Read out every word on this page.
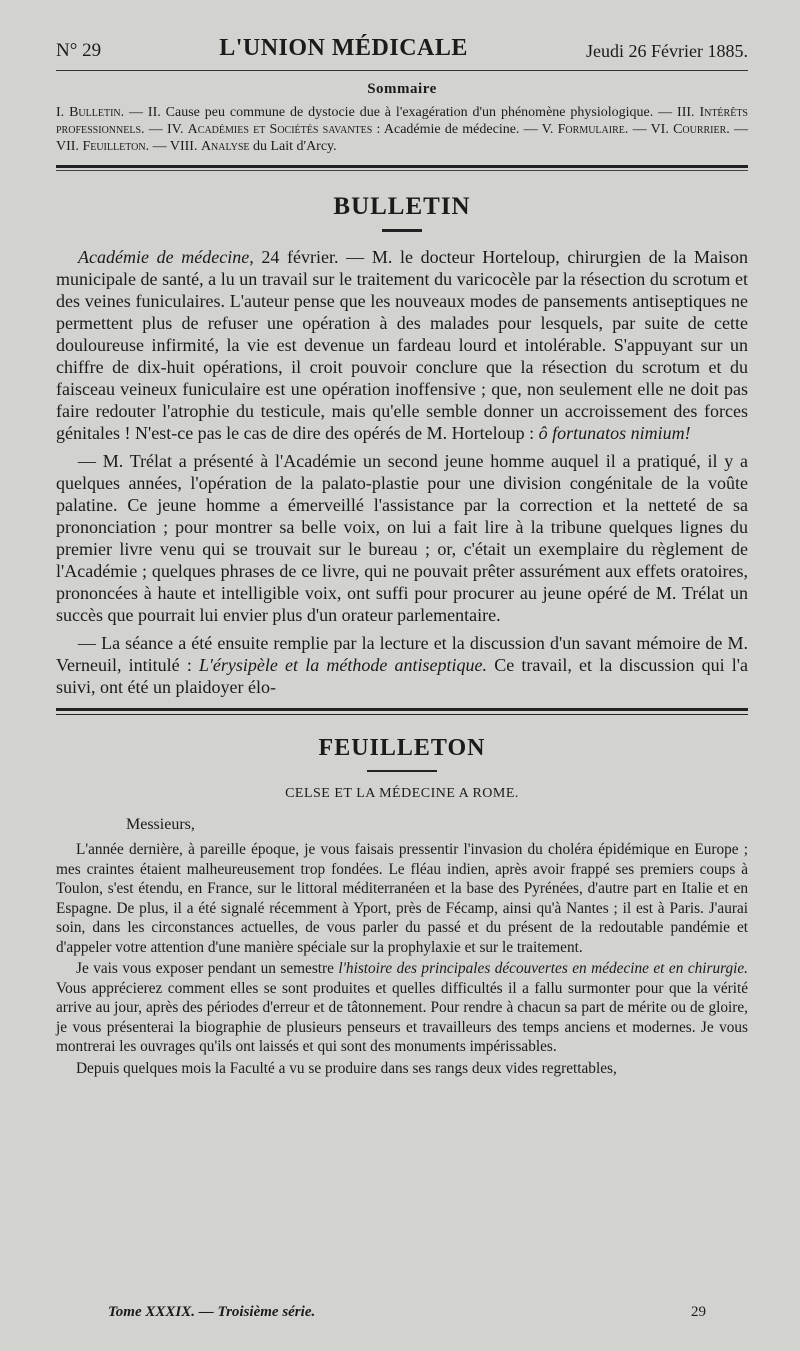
N° 29	L'UNION MÉDICALE	Jeudi 26 Février 1885.
Sommaire
I. Bulletin. — II. Cause peu commune de dystocie due à l'exagération d'un phénomène physiologique. — III. Intérêts professionnels. — IV. Académies et Sociétés savantes : Académie de médecine. — V. Formulaire. — VI. Courrier. — VII. Feuilleton. — VIII. Analyse du Lait d'Arcy.
BULLETIN

Académie de médecine, 24 février. — M. le docteur Horteloup, chirurgien de la Maison municipale de santé, a lu un travail sur le traitement du varicocèle par la résection du scrotum et des veines funiculaires. L'auteur pense que les nouveaux modes de pansements antiseptiques ne permettent plus de refuser une opération à des malades pour lesquels, par suite de cette douloureuse infirmité, la vie est devenue un fardeau lourd et intolérable. S'appuyant sur un chiffre de dix-huit opérations, il croit pouvoir conclure que la résection du scrotum et du faisceau veineux funiculaire est une opération inoffensive ; que, non seulement elle ne doit pas faire redouter l'atrophie du testicule, mais qu'elle semble donner un accroissement des forces génitales ! N'est-ce pas le cas de dire des opérés de M. Horteloup : ô fortunatos nimium!

— M. Trélat a présenté à l'Académie un second jeune homme auquel il a pratiqué, il y a quelques années, l'opération de la palato-plastie pour une division congénitale de la voûte palatine. Ce jeune homme a émerveillé l'assistance par la correction et la netteté de sa prononciation ; pour montrer sa belle voix, on lui a fait lire à la tribune quelques lignes du premier livre venu qui se trouvait sur le bureau ; or, c'était un exemplaire du règlement de l'Académie ; quelques phrases de ce livre, qui ne pouvait prêter assurément aux effets oratoires, prononcées à haute et intelligible voix, ont suffi pour procurer au jeune opéré de M. Trélat un succès que pourrait lui envier plus d'un orateur parlementaire.

— La séance a été ensuite remplie par la lecture et la discussion d'un savant mémoire de M. Verneuil, intitulé : L'érysipèle et la méthode antiseptique. Ce travail, et la discussion qui l'a suivi, ont été un plaidoyer élo-

FEUILLETON
CELSE ET LA MÉDECINE A ROME.
Messieurs,

L'année dernière, à pareille époque, je vous faisais pressentir l'invasion du choléra épidémique en Europe ; mes craintes étaient malheureusement trop fondées. Le fléau indien, après avoir frappé ses premiers coups à Toulon, s'est étendu, en France, sur le littoral méditerranéen et la base des Pyrénées, d'autre part en Italie et en Espagne. De plus, il a été signalé récemment à Yport, près de Fécamp, ainsi qu'à Nantes ; il est à Paris. J'aurai soin, dans les circonstances actuelles, de vous parler du passé et du présent de la redoutable pandémie et d'appeler votre attention d'une manière spéciale sur la prophylaxie et sur le traitement.

Je vais vous exposer pendant un semestre l'histoire des principales découvertes en médecine et en chirurgie. Vous apprécierez comment elles se sont produites et quelles difficultés il a fallu surmonter pour que la vérité arrive au jour, après des périodes d'erreur et de tâtonnement. Pour rendre à chacun sa part de mérite ou de gloire, je vous présenterai la biographie de plusieurs penseurs et travailleurs des temps anciens et modernes. Je vous montrerai les ouvrages qu'ils ont laissés et qui sont des monuments impérissables.

Depuis quelques mois la Faculté a vu se produire dans ses rangs deux vides regrettables,

Tome XXXIX. — Troisième série.	29
